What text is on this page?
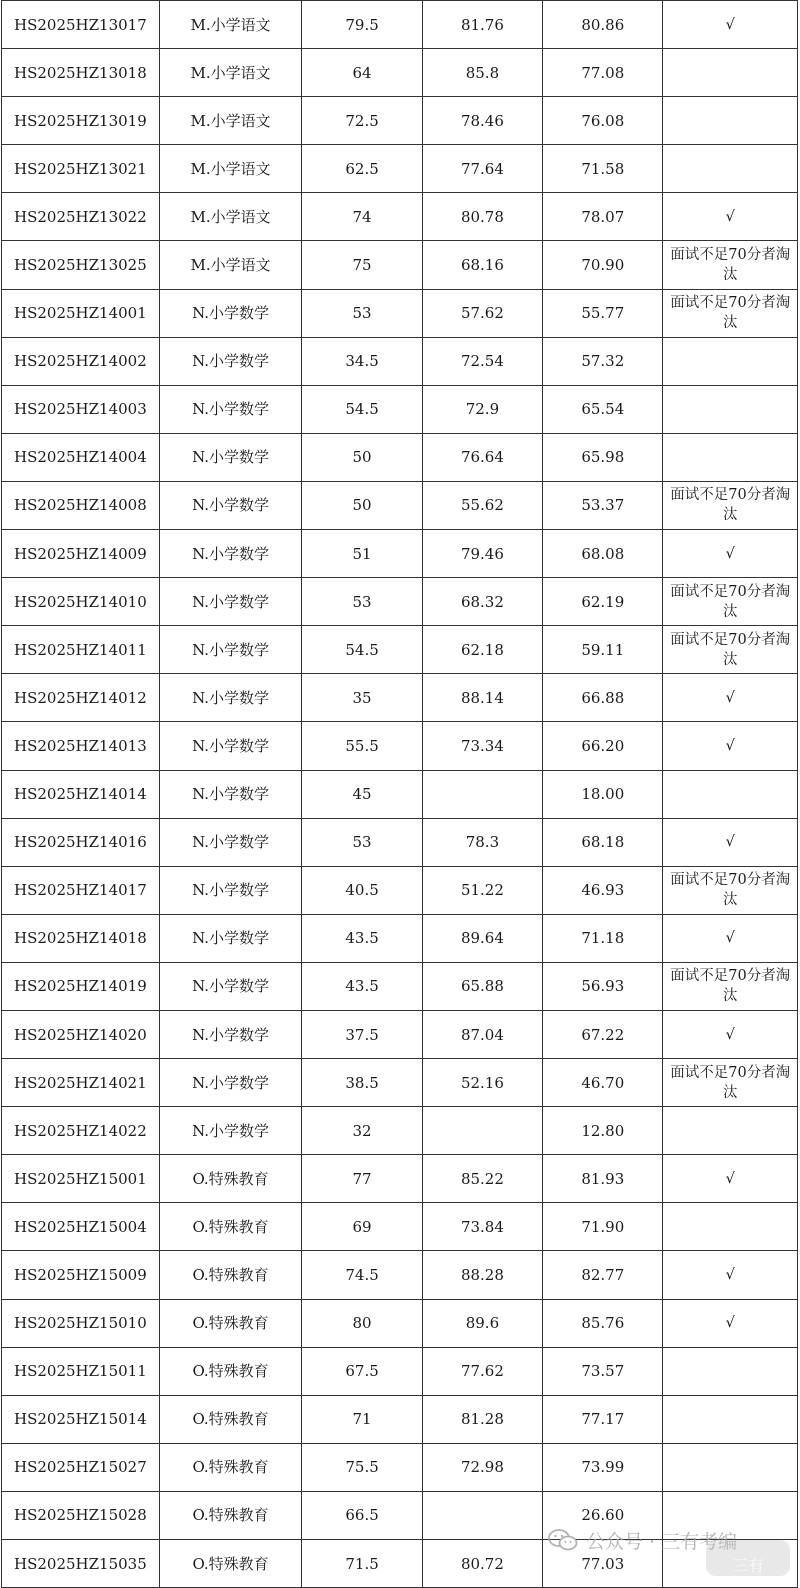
HS2025HZ13017	M.小学语文	79.5	81.76	80.86	√
HS2025HZ13018	M.小学语文	64	85.8	77.08	
HS2025HZ13019	M.小学语文	72.5	78.46	76.08	
HS2025HZ13021	M.小学语文	62.5	77.64	71.58	
HS2025HZ13022	M.小学语文	74	80.78	78.07	√
HS2025HZ13025	M.小学语文	75	68.16	70.90	面试不足70分者淘汰
HS2025HZ14001	N.小学数学	53	57.62	55.77	面试不足70分者淘汰
HS2025HZ14002	N.小学数学	34.5	72.54	57.32	
HS2025HZ14003	N.小学数学	54.5	72.9	65.54	
HS2025HZ14004	N.小学数学	50	76.64	65.98	
HS2025HZ14008	N.小学数学	50	55.62	53.37	面试不足70分者淘汰
HS2025HZ14009	N.小学数学	51	79.46	68.08	√
HS2025HZ14010	N.小学数学	53	68.32	62.19	面试不足70分者淘汰
HS2025HZ14011	N.小学数学	54.5	62.18	59.11	面试不足70分者淘汰
HS2025HZ14012	N.小学数学	35	88.14	66.88	√
HS2025HZ14013	N.小学数学	55.5	73.34	66.20	√
HS2025HZ14014	N.小学数学	45		18.00	
HS2025HZ14016	N.小学数学	53	78.3	68.18	√
HS2025HZ14017	N.小学数学	40.5	51.22	46.93	面试不足70分者淘汰
HS2025HZ14018	N.小学数学	43.5	89.64	71.18	√
HS2025HZ14019	N.小学数学	43.5	65.88	56.93	面试不足70分者淘汰
HS2025HZ14020	N.小学数学	37.5	87.04	67.22	√
HS2025HZ14021	N.小学数学	38.5	52.16	46.70	面试不足70分者淘汰
HS2025HZ14022	N.小学数学	32		12.80	
HS2025HZ15001	O.特殊教育	77	85.22	81.93	√
HS2025HZ15004	O.特殊教育	69	73.84	71.90	
HS2025HZ15009	O.特殊教育	74.5	88.28	82.77	√
HS2025HZ15010	O.特殊教育	80	89.6	85.76	√
HS2025HZ15011	O.特殊教育	67.5	77.62	73.57	
HS2025HZ15014	O.特殊教育	71	81.28	77.17	
HS2025HZ15027	O.特殊教育	75.5	72.98	73.99	
HS2025HZ15028	O.特殊教育	66.5		26.60	
HS2025HZ15035	O.特殊教育	71.5	80.72	77.03	
公众号 · 三有考编
三有
